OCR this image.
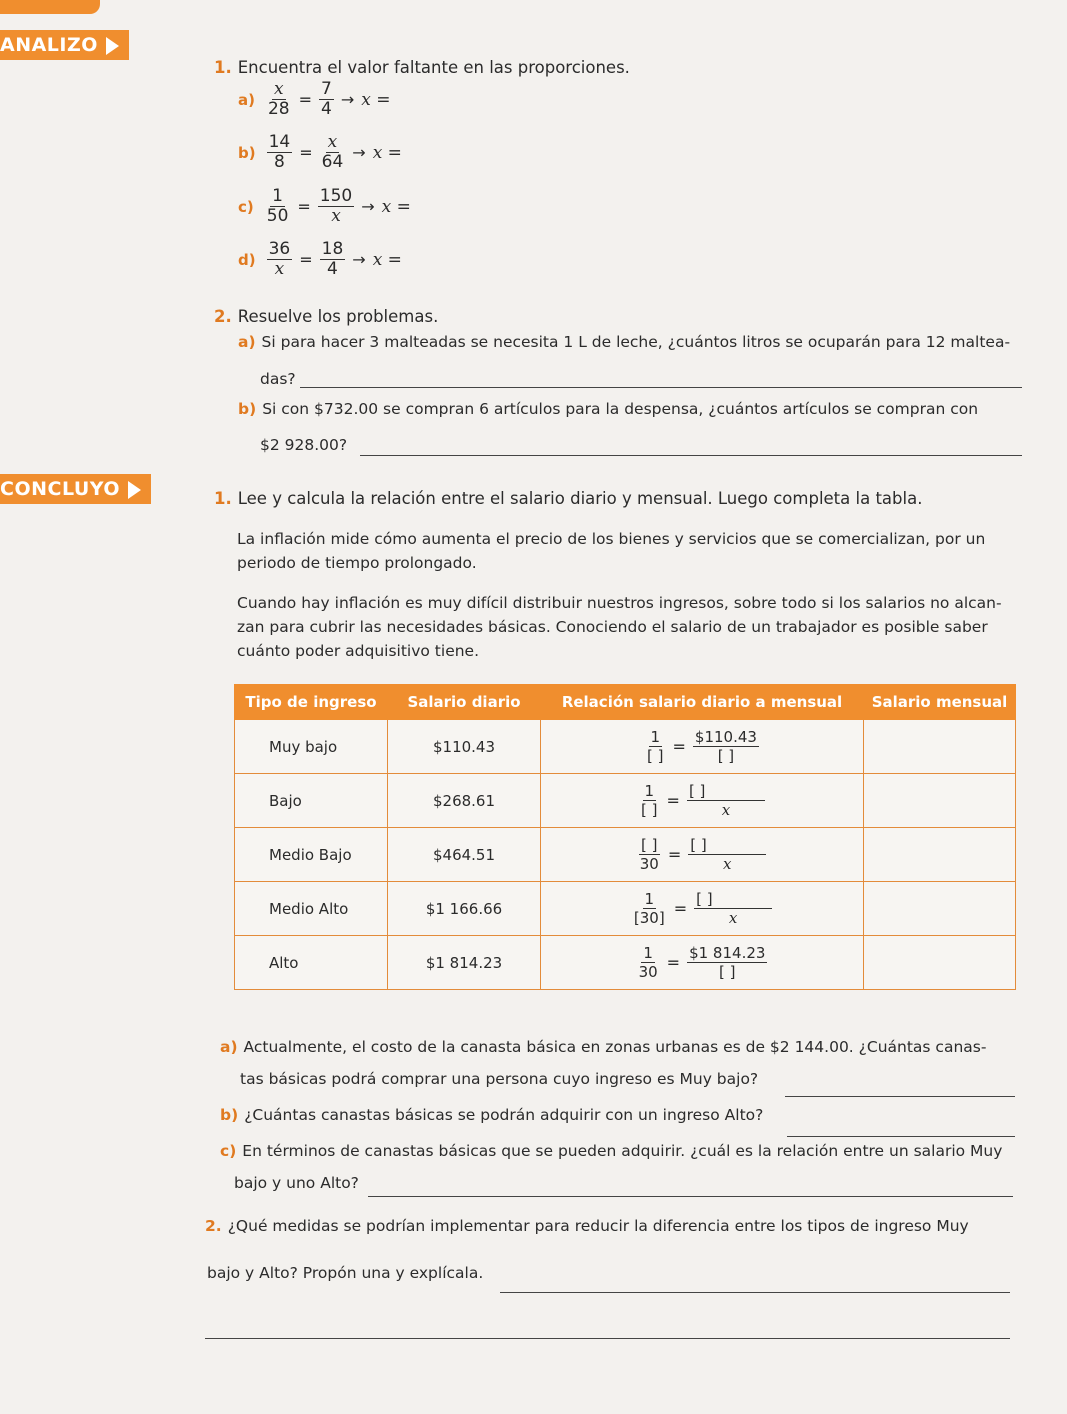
ANALIZO
1. Encuentra el valor faltante en las proporciones.
$a) \frac{x}{28} = \frac{7}{4} \to x$ =
$b) \frac{14}{8} = \frac{x}{64} \to x$ =
$c) \frac{1}{50} = \frac{150}{x} \to x$ =
$d) \frac{36}{x} = \frac{18}{4} \to x$ =
2. Resuelve los problemas.
a) Si para hacer 3 malteadas se necesita 1 L de leche, ¿cuántos litros se ocuparán para 12 maltea-
das?
b) Si con $732.00 se compran 6 artículos para la despensa, ¿cuántos artículos se compran con
$2 928.00?
CONCLUYO	1. Lee y calcula la relación entre el salario diario y mensual. Luego completa la tabla.
La inflación mide cómo aumenta el precio de los bienes y servicios que se comercializan, por un periodo de tiempo prolongado.
Cuando hay inflación es muy difícil distribuir nuestros ingresos, sobre todo si los salarios no alcan-zan para cubrir las necesidades básicas. Conociendo el salario de un trabajador es posible saber cuánto poder adquisitivo tiene.
Tipo de ingreso	Salario diario	Relación salario diario a mensual	Salario mensual
Muy bajo	$110.43	$\frac{1}{[ ]} = \frac{\$110.43}{[ ]}$

Bajo	$268.61	$\frac{1}{[ ]} = \frac{[ ]}{x}$

Medio Bajo	$464.51	$\frac{[ ]}{30} = \frac{[ ]}{x}$

Medio Alto	$1 166.66	$\frac{1}{[30]} = \frac{[ ]}{x}$

Alto	$1 814.23	$\frac{1}{30} = \frac{\$1 814.23}{[ ]}$

a) Actualmente, el costo de la canasta básica en zonas urbanas es de $2 144.00. ¿Cuántas canas-
tas básicas podrá comprar una persona cuyo ingreso es Muy bajo?
b) ¿Cuántas canastas básicas se podrán adquirir con un ingreso Alto?
c) En términos de canastas básicas que se pueden adquirir. ¿cuál es la relación entre un salario Muy
bajo y uno Alto?
2. ¿Qué medidas se podrían implementar para reducir la diferencia entre los tipos de ingreso Muy
bajo y Alto? Propón una y explícala.
